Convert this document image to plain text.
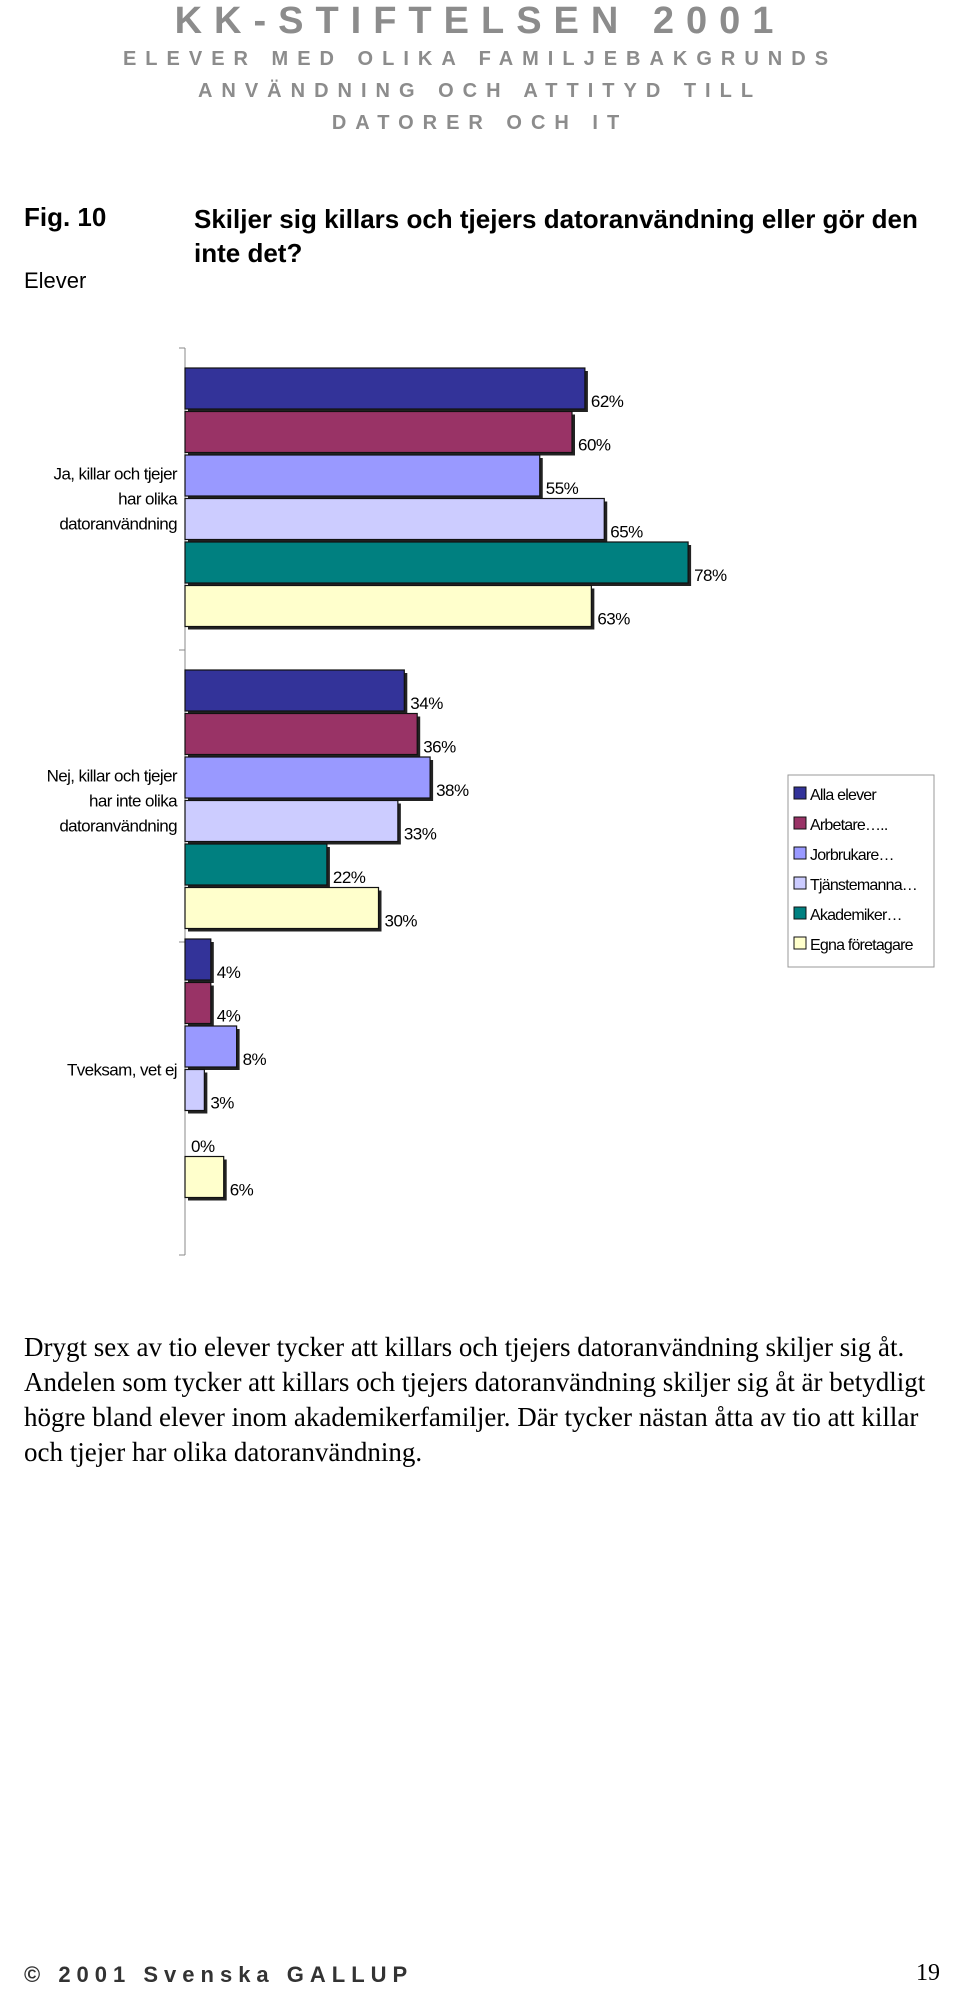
KK-STIFTELSEN 2001
ELEVER MED OLIKA FAMILJEBAKGRUNDS
ANVÄNDNING OCH ATTITYD TILL
DATORER OCH IT
Fig. 10
Elever
Skiljer sig killars och tjejers datoranvändning eller gör den inte det?
62%
60%
55%
65%
78%
63%
34%
36%
38%
33%
22%
30%
4%
4%
8%
3%
0%
6%
Ja, killar och tjejer
har olika
datoranvändning
Nej, killar och tjejer
har inte olika
datoranvändning
Tveksam, vet ej
Alla elever
Arbetare…..
Jorbrukare…
Tjänstemanna…
Akademiker…
Egna företagare
Drygt sex av tio elever tycker att killars och tjejers datoranvändning skiljer sig åt. Andelen som tycker att killars och tjejers datoranvändning skiljer sig åt är betydligt högre bland elever inom akademikerfamiljer. Där tycker nästan åtta av tio att killar och tjejer har olika datoranvändning.
© 2001 Svenska GALLUP	19
